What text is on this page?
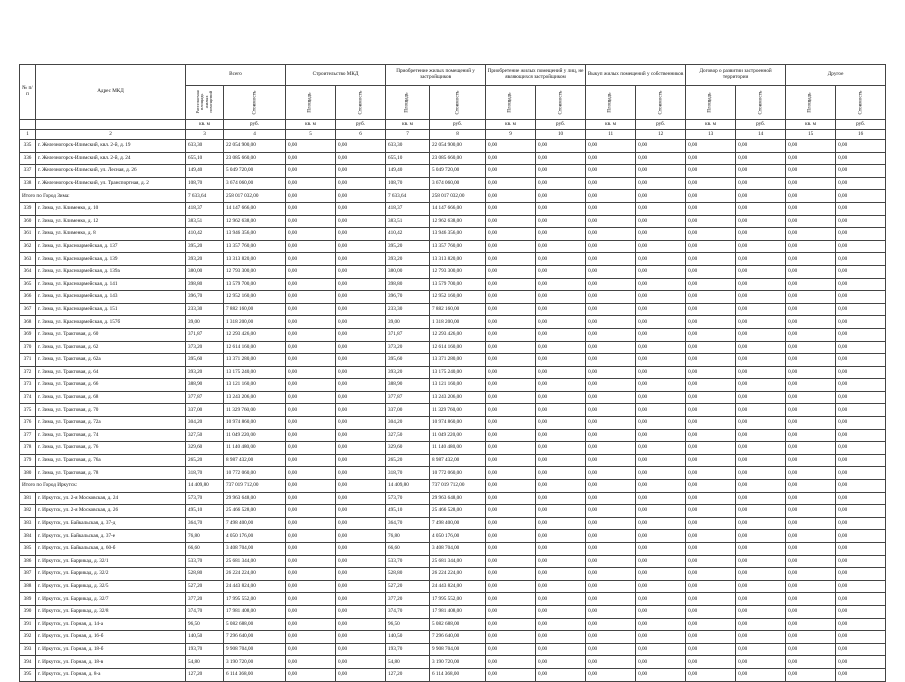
№ п/п	Адрес МКД	Всего		Строительство МКД		Приобретение жилых помещений у застройщиков		Приобретение жилых помещений у лиц, не являющихся застройщиком		Выкуп жилых помещений у собственников		Договор о развитии застроенной территории		Другое	
		Расселяемая площадь жилых помещений	Стоимость	Площадь	Стоимость	Площадь	Стоимость	Площадь	Стоимость	Площадь	Стоимость	Площадь	Стоимость	Площадь	Стоимость
		кв. м	руб.	кв. м	руб.	кв. м	руб.	кв. м	руб.	кв. м	руб.	кв. м	руб.	кв. м	руб.
1	2	3	4	5	6	7	8	9	10	11	12	13	14	15	16
335	г. Железногорск-Илимский, квл. 2-й, д. 19	633,30	22 054 900,00	0,00	0,00	633,30	22 054 900,00	0,00	0,00	0,00	0,00	0,00	0,00	0,00	0,00
336	г. Железногорск-Илимский, квл. 2-й, д. 24	655,10	23 085 660,00	0,00	0,00	655,10	23 085 660,00	0,00	0,00	0,00	0,00	0,00	0,00	0,00	0,00
337	г. Железногорск-Илимский, ул. Лесная, д. 26	149,40	5 049 720,00	0,00	0,00	149,40	5 049 720,00	0,00	0,00	0,00	0,00	0,00	0,00	0,00	0,00
338	г. Железногорск-Илимский, ул. Транспортная, д. 2	108,70	3 674 060,00	0,00	0,00	108,70	3 674 060,00	0,00	0,00	0,00	0,00	0,00	0,00	0,00	0,00
Итого по Город Зима:		7 633,64	258 017 032,00	0,00	0,00	7 633,64	258 017 032,00	0,00	0,00	0,00	0,00	0,00	0,00	0,00	0,00
339	г. Зима, ул. Клименко, д. 10	418,37	14 147 666,00	0,00	0,00	418,37	14 147 666,00	0,00	0,00	0,00	0,00	0,00	0,00	0,00	0,00
360	г. Зима, ул. Клименко, д. 12	383,51	12 962 638,00	0,00	0,00	383,51	12 962 638,00	0,00	0,00	0,00	0,00	0,00	0,00	0,00	0,00
361	г. Зима, ул. Клименко, д. 8	410,42	13 946 356,00	0,00	0,00	410,42	13 946 356,00	0,00	0,00	0,00	0,00	0,00	0,00	0,00	0,00
362	г. Зима, ул. Красноармейская, д. 137	395,20	13 357 760,00	0,00	0,00	395,20	13 357 760,00	0,00	0,00	0,00	0,00	0,00	0,00	0,00	0,00
363	г. Зима, ул. Красноармейская, д. 139	393,20	13 313 820,00	0,00	0,00	393,20	13 313 820,00	0,00	0,00	0,00	0,00	0,00	0,00	0,00	0,00
364	г. Зима, ул. Красноармейская, д. 139а	380,00	12 793 300,00	0,00	0,00	380,00	12 793 300,00	0,00	0,00	0,00	0,00	0,00	0,00	0,00	0,00
365	г. Зима, ул. Красноармейская, д. 141	398,80	13 579 700,00	0,00	0,00	398,80	13 579 700,00	0,00	0,00	0,00	0,00	0,00	0,00	0,00	0,00
366	г. Зима, ул. Красноармейская, д. 143	396,70	12 952 160,00	0,00	0,00	396,70	12 952 160,00	0,00	0,00	0,00	0,00	0,00	0,00	0,00	0,00
367	г. Зима, ул. Красноармейская, д. 151	233,30	7 882 160,00	0,00	0,00	233,30	7 882 160,00	0,00	0,00	0,00	0,00	0,00	0,00	0,00	0,00
368	г. Зима, ул. Красноармейская, д. 157б	39,00	1 318 200,00	0,00	0,00	39,00	1 318 200,00	0,00	0,00	0,00	0,00	0,00	0,00	0,00	0,00
369	г. Зима, ул. Трактовая, д. 60	371,87	12 293 426,00	0,00	0,00	371,87	12 293 426,00	0,00	0,00	0,00	0,00	0,00	0,00	0,00	0,00
370	г. Зима, ул. Трактовая, д. 62	373,20	12 614 160,00	0,00	0,00	373,20	12 614 160,00	0,00	0,00	0,00	0,00	0,00	0,00	0,00	0,00
371	г. Зима, ул. Трактовая, д. 62а	395,60	13 371 280,00	0,00	0,00	395,60	13 371 280,00	0,00	0,00	0,00	0,00	0,00	0,00	0,00	0,00
372	г. Зима, ул. Трактовая, д. 64	393,20	13 175 240,00	0,00	0,00	393,20	13 175 240,00	0,00	0,00	0,00	0,00	0,00	0,00	0,00	0,00
373	г. Зима, ул. Трактовая, д. 66	388,90	13 121 160,00	0,00	0,00	388,90	13 121 160,00	0,00	0,00	0,00	0,00	0,00	0,00	0,00	0,00
374	г. Зима, ул. Трактовая, д. 68	377,87	13 243 206,00	0,00	0,00	377,87	13 243 206,00	0,00	0,00	0,00	0,00	0,00	0,00	0,00	0,00
375	г. Зима, ул. Трактовая, д. 70	337,00	11 329 760,00	0,00	0,00	337,00	11 329 760,00	0,00	0,00	0,00	0,00	0,00	0,00	0,00	0,00
376	г. Зима, ул. Трактовая, д. 72а	304,20	10 974 860,00	0,00	0,00	304,20	10 974 860,00	0,00	0,00	0,00	0,00	0,00	0,00	0,00	0,00
377	г. Зима, ул. Трактовая, д. 74	327,50	11 049 220,00	0,00	0,00	327,50	11 049 220,00	0,00	0,00	0,00	0,00	0,00	0,00	0,00	0,00
378	г. Зима, ул. Трактовая, д. 76	329,60	11 140 480,00	0,00	0,00	329,60	11 140 480,00	0,00	0,00	0,00	0,00	0,00	0,00	0,00	0,00
379	г. Зима, ул. Трактовая, д. 76а	265,20	8 987 432,00	0,00	0,00	265,20	8 987 432,00	0,00	0,00	0,00	0,00	0,00	0,00	0,00	0,00
380	г. Зима, ул. Трактовая, д. 78	318,70	10 772 060,00	0,00	0,00	318,70	10 772 060,00	0,00	0,00	0,00	0,00	0,00	0,00	0,00	0,00
Итого по Город Иркутск:		14 409,80	737 019 712,00	0,00	0,00	14 409,80	737 019 712,00	0,00	0,00	0,00	0,00	0,00	0,00	0,00	0,00
381	г. Иркутск, ул. 2-я Московская, д. 24	573,70	29 963 648,00	0,00	0,00	573,70	29 963 648,00	0,00	0,00	0,00	0,00	0,00	0,00	0,00	0,00
382	г. Иркутск, ул. 2-я Московская, д. 26	495,10	25 466 528,00	0,00	0,00	495,10	25 466 528,00	0,00	0,00	0,00	0,00	0,00	0,00	0,00	0,00
383	г. Иркутск, ул. Байкальская, д. 37-д	364,70	7 498 400,00	0,00	0,00	364,70	7 498 400,00	0,00	0,00	0,00	0,00	0,00	0,00	0,00	0,00
384	г. Иркутск, ул. Байкальская, д. 37-е	76,80	4 050 176,00	0,00	0,00	76,80	4 050 176,00	0,00	0,00	0,00	0,00	0,00	0,00	0,00	0,00
385	г. Иркутск, ул. Байкальская, д. 60-б	66,60	3 408 704,00	0,00	0,00	66,60	3 408 704,00	0,00	0,00	0,00	0,00	0,00	0,00	0,00	0,00
386	г. Иркутск, ул. Баррикад, д. 32/1	533,70	25 681 344,00	0,00	0,00	533,70	25 681 344,00	0,00	0,00	0,00	0,00	0,00	0,00	0,00	0,00
387	г. Иркутск, ул. Баррикад, д. 32/2	528,80	26 224 224,00	0,00	0,00	528,80	26 224 224,00	0,00	0,00	0,00	0,00	0,00	0,00	0,00	0,00
388	г. Иркутск, ул. Баррикад, д. 32/5	527,20	24 443 824,00	0,00	0,00	527,20	24 443 824,00	0,00	0,00	0,00	0,00	0,00	0,00	0,00	0,00
389	г. Иркутск, ул. Баррикад, д. 32/7	377,20	17 995 552,00	0,00	0,00	377,20	17 995 552,00	0,00	0,00	0,00	0,00	0,00	0,00	0,00	0,00
390	г. Иркутск, ул. Баррикад, д. 32/8	374,70	17 981 408,00	0,00	0,00	374,70	17 981 408,00	0,00	0,00	0,00	0,00	0,00	0,00	0,00	0,00
391	г. Иркутск, ул. Горная, д. 14-а	96,50	5 082 688,00	0,00	0,00	96,50	5 082 688,00	0,00	0,00	0,00	0,00	0,00	0,00	0,00	0,00
392	г. Иркутск, ул. Горная, д. 16-б	140,50	7 296 640,00	0,00	0,00	140,50	7 296 640,00	0,00	0,00	0,00	0,00	0,00	0,00	0,00	0,00
393	г. Иркутск, ул. Горная, д. 18-б	193,70	9 908 704,00	0,00	0,00	193,70	9 908 704,00	0,00	0,00	0,00	0,00	0,00	0,00	0,00	0,00
394	г. Иркутск, ул. Горная, д. 18-в	54,80	3 190 720,00	0,00	0,00	54,80	3 190 720,00	0,00	0,00	0,00	0,00	0,00	0,00	0,00	0,00
395	г. Иркутск, ул. Горная, д. 8-а	127,20	6 114 368,00	0,00	0,00	127,20	6 114 368,00	0,00	0,00	0,00	0,00	0,00	0,00	0,00	0,00
